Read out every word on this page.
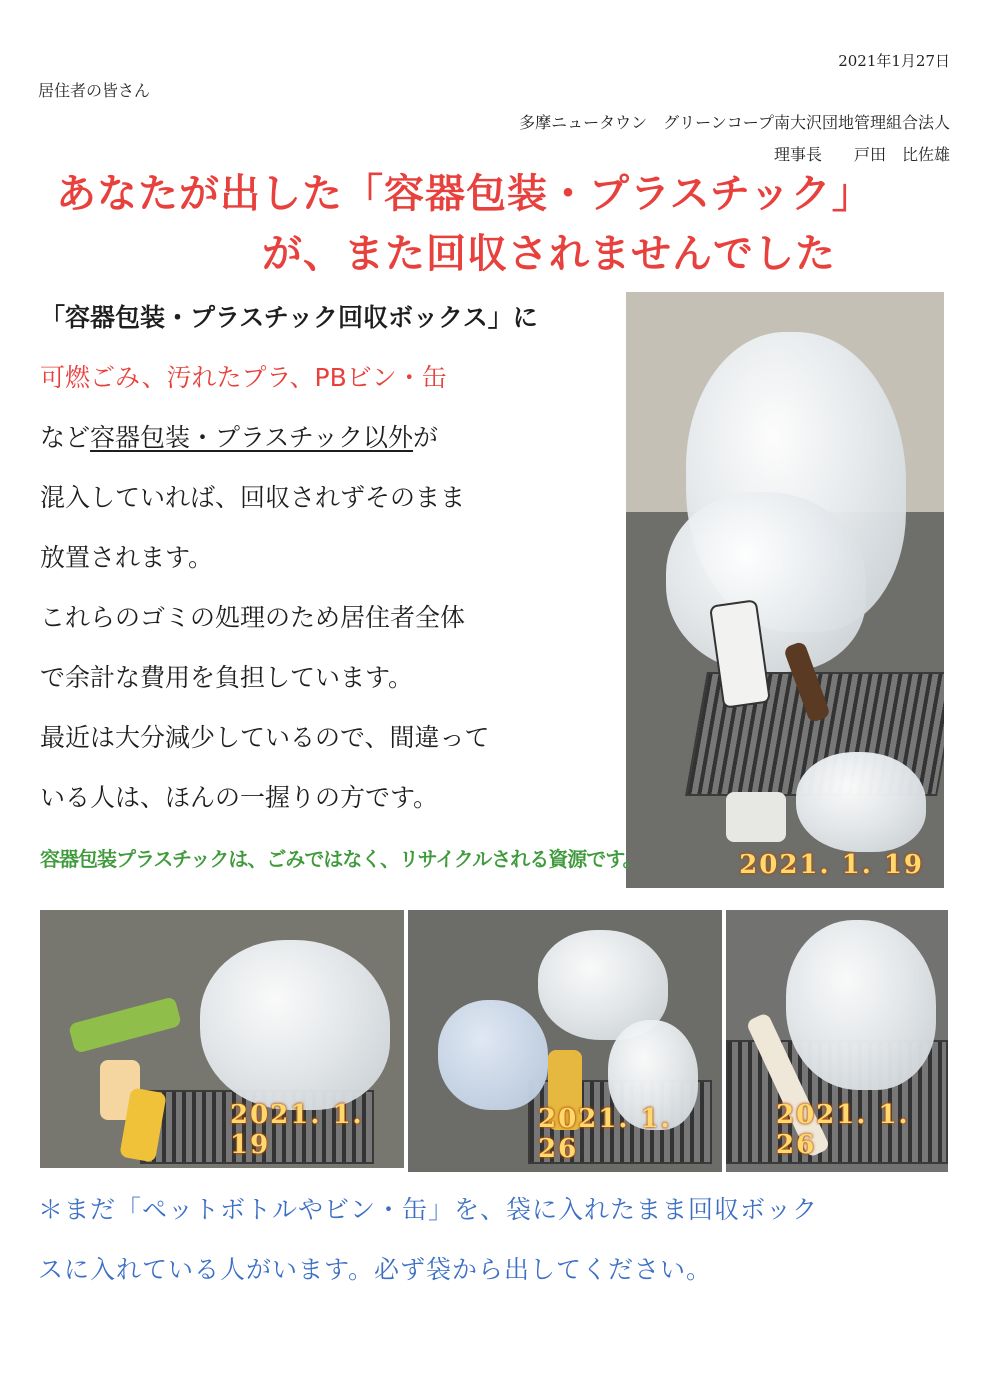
2021年1月27日
居住者の皆さん
多摩ニュータウン　グリーンコープ南大沢団地管理組合法人
理事長　　戸田　比佐雄
あなたが出した「容器包装・プラスチック」
が、また回収されませんでした
「容器包装・プラスチック回収ボックス」に
可燃ごみ、汚れたプラ、PBビン・缶
など容器包装・プラスチック以外が
混入していれば、回収されずそのまま
放置されます。
これらのゴミの処理のため居住者全体
で余計な費用を負担しています。
最近は大分減少しているので、間違って
いる人は、ほんの一握りの方です。
2021. 1. 19
容器包装プラスチックは、ごみではなく、リサイクルされる資源です。
2021. 1. 19
2021. 1. 26
2021. 1. 26
＊まだ「ペットボトルやビン・缶」を、袋に入れたまま回収ボック
スに入れている人がいます。必ず袋から出してください。
